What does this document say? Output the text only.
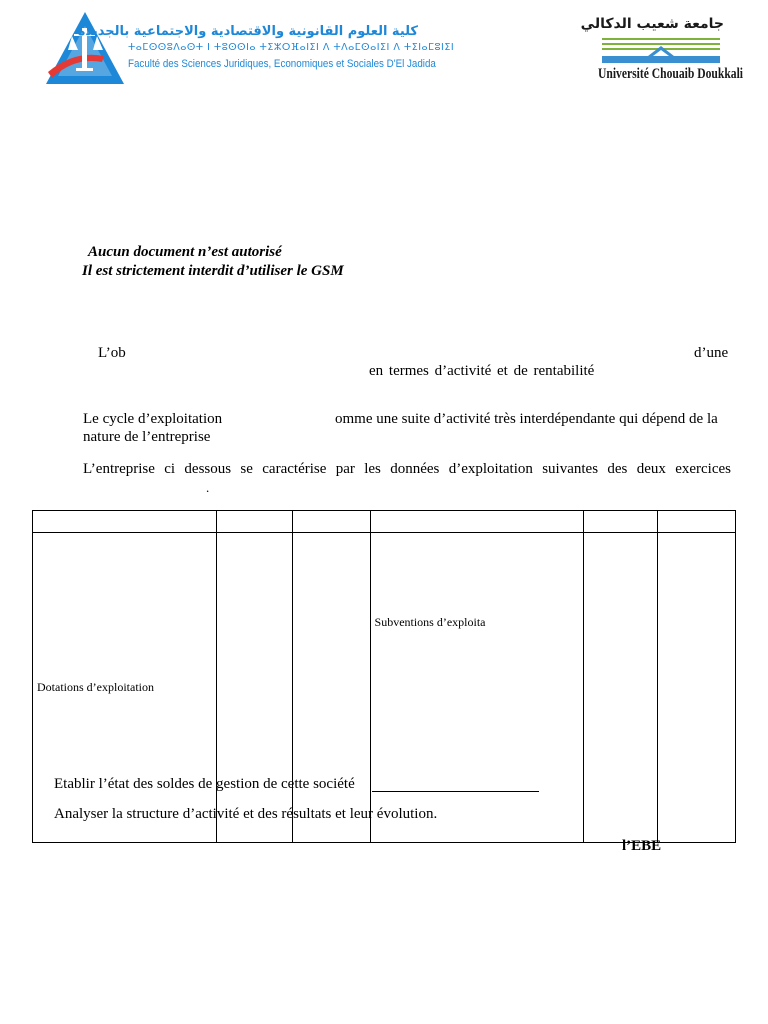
كلية العلوم القانونية والاقتصادية والاجتماعية بالجديدة
ⵜⴰⵎⵙⵙⵓⴷⴰⵙⵜ ⵏ ⵜⵓⵙⵙⵏⴰ ⵜⵉⵣⵔⴼⴰⵏⵉⵏ ⴷ ⵜⴷⴰⵎⵙⴰⵏⵉⵏ ⴷ ⵜⵉⵏⴰⵎⵓⵏⵉⵏ
Faculté des Sciences Juridiques, Economiques et Sociales D'El Jadida
جامعة شعيب الدكالي
Université Chouaib Doukkali
Aucun document n’est autorisé
Il est strictement interdit d’utiliser le GSM
L’ob	d’une
en termes d’activité et de rentabilité
Le cycle d’exploitation	omme une suite d’activité très interdépendante qui dépend de la
nature de l’entreprise
L’entreprise ci dessous se caractérise par les données d’exploitation suivantes des deux exercices
.

Dotations d’exploitation			Subventions d’exploita		
Etablir l’état des soldes de gestion de cette société
Analyser la structure d’activité et des résultats et leur évolution.
l’EBE
